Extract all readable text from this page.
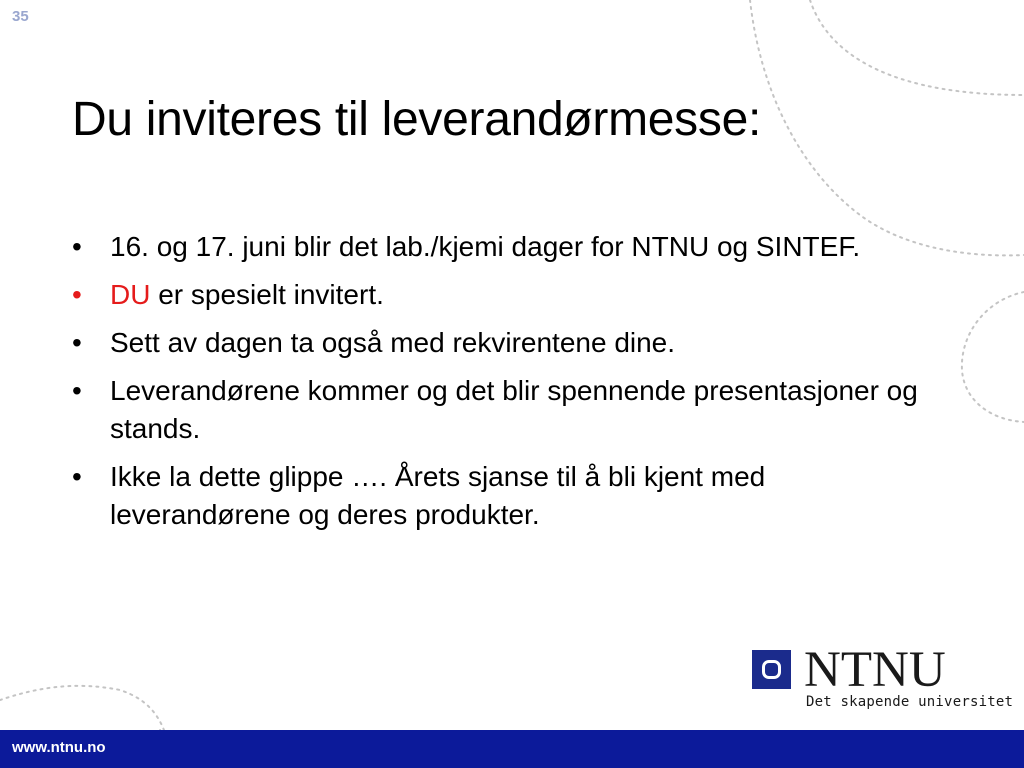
35
Du inviteres til leverandørmesse:
• 16. og 17. juni blir det lab./kjemi dager for NTNU og SINTEF.
• DU er spesielt invitert.
• Sett av dagen ta også med rekvirentene dine.
• Leverandørene kommer og det blir spennende presentasjoner og stands.
• Ikke la dette glippe …. Årets sjanse til å bli kjent med leverandørene og deres produkter.
NTNU
Det skapende universitet
www.ntnu.no
